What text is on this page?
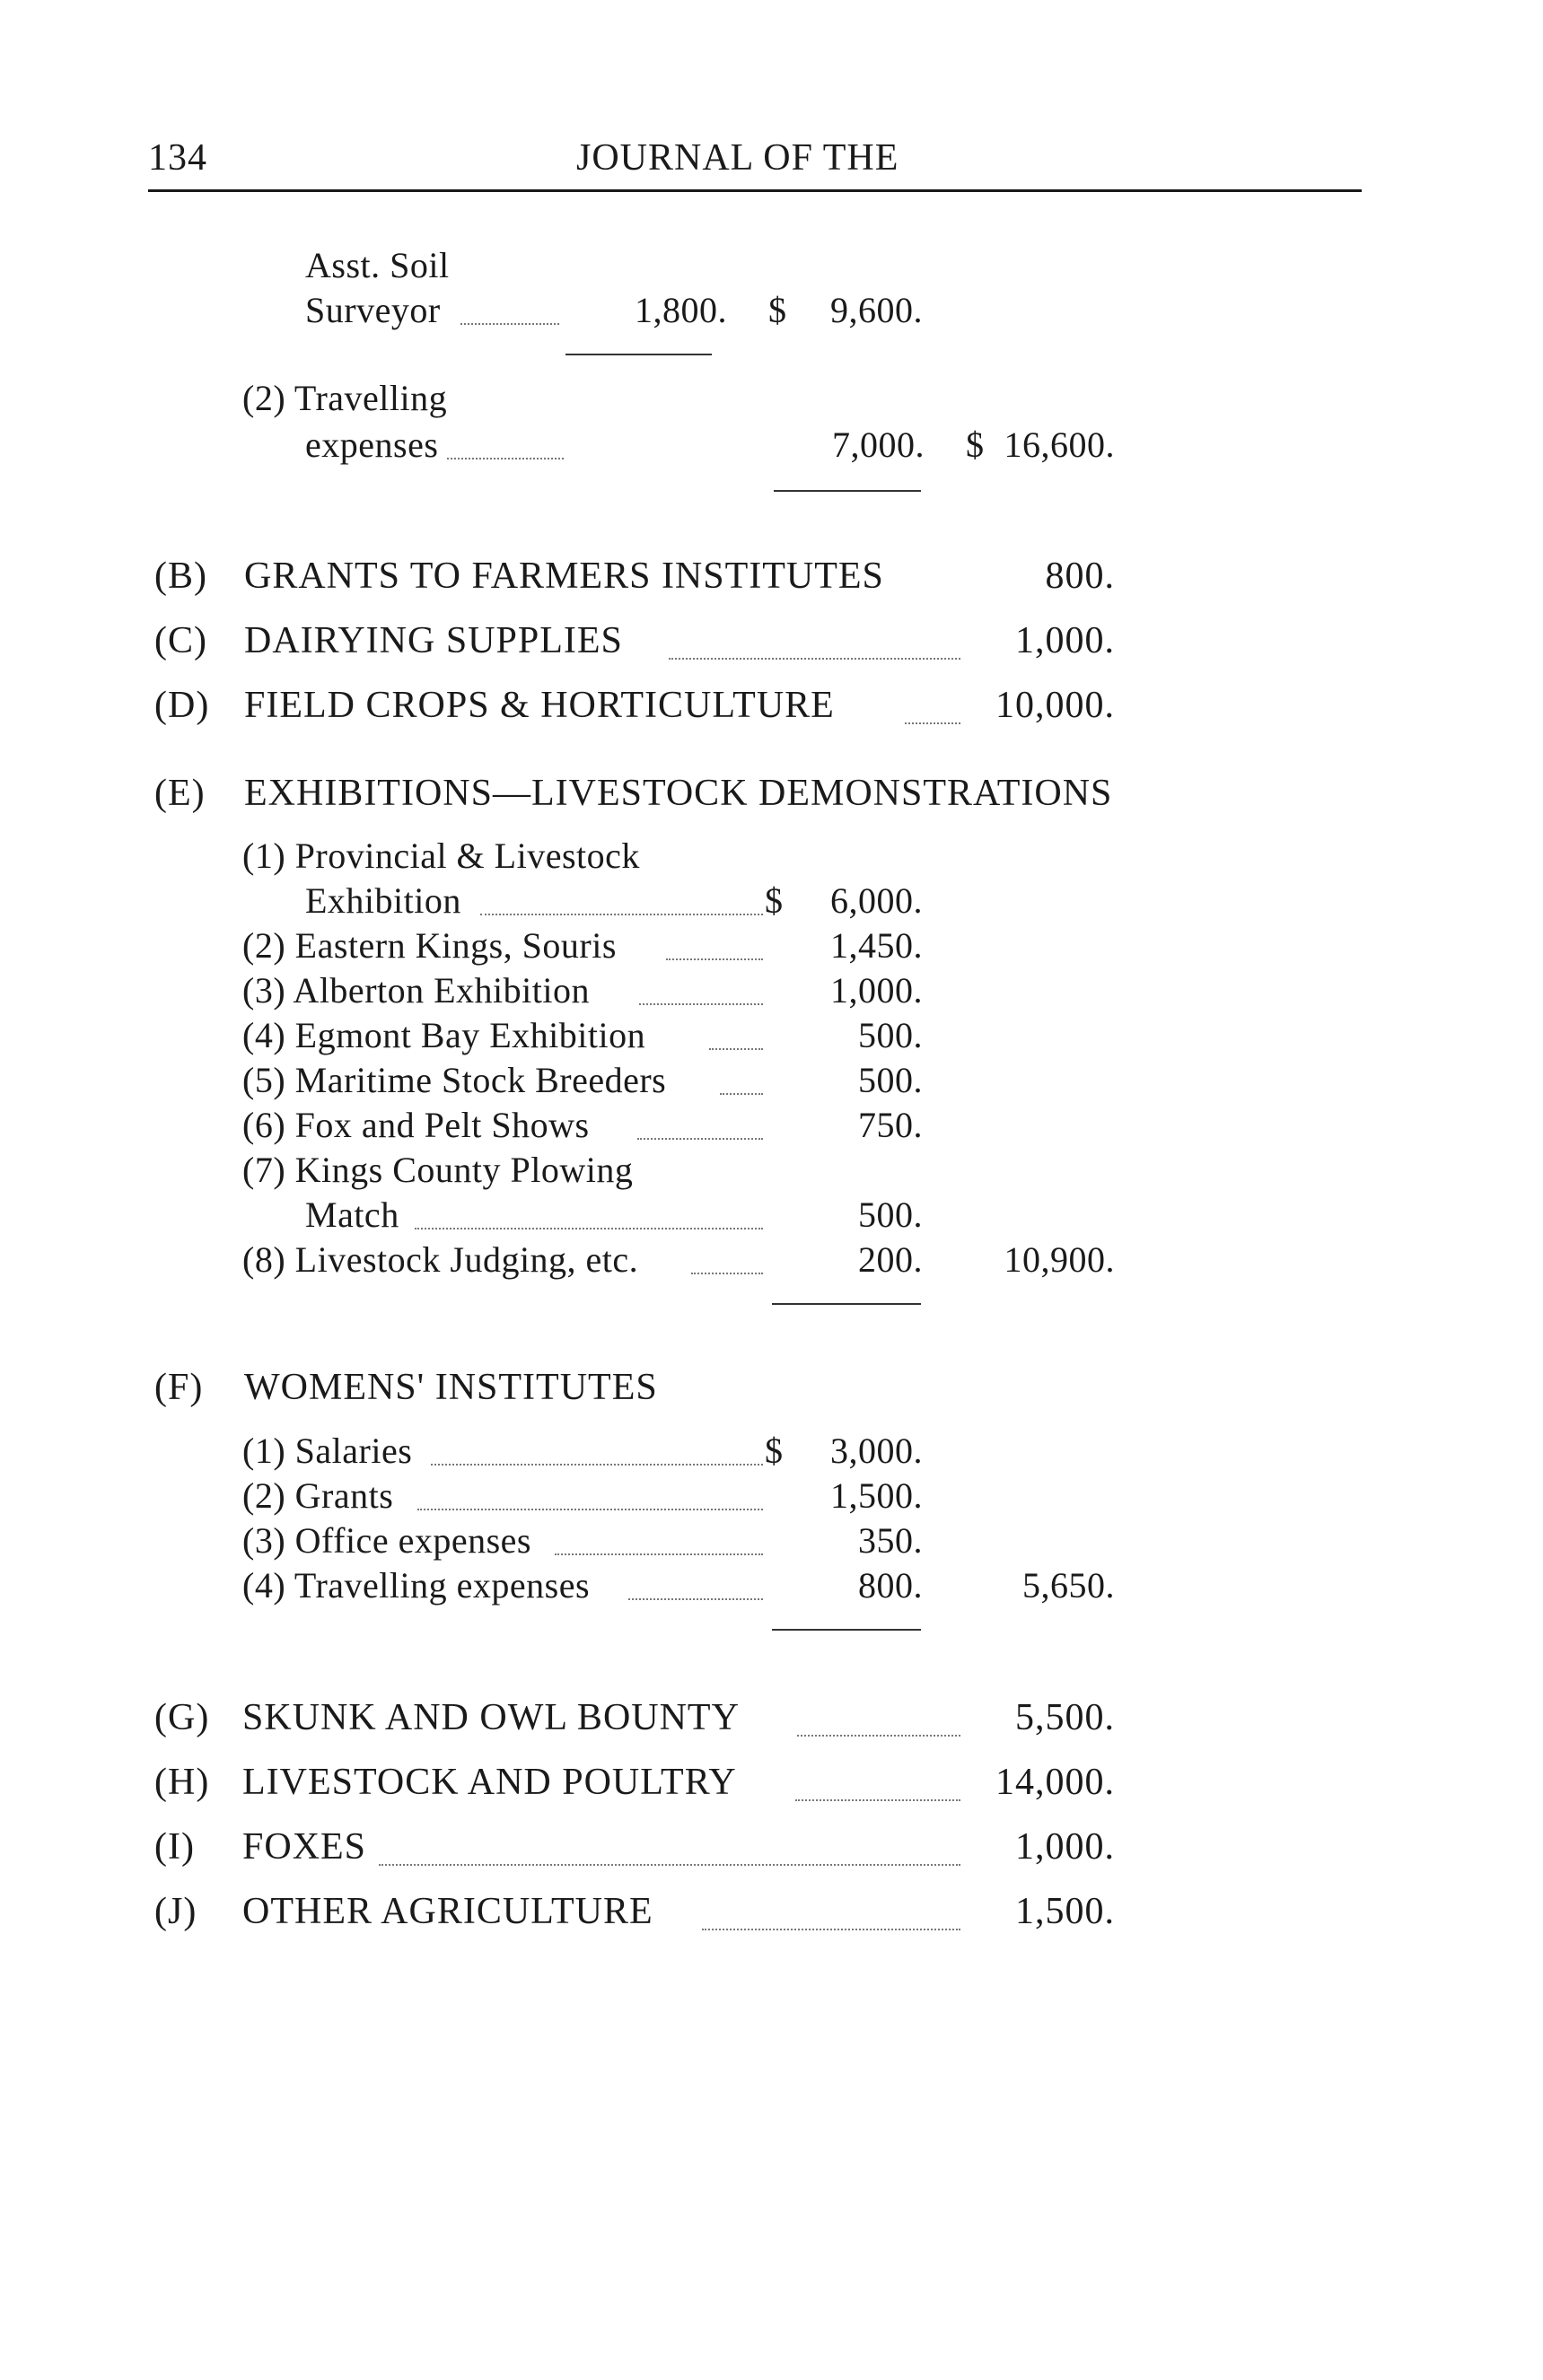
134	JOURNAL OF THE
Asst. Soil
Surveyor	1,800. $	9,600.
(2) Travelling
expenses	7,000. $ 16,600.
(B) GRANTS TO FARMERS INSTITUTES	800.
(C) DAIRYING SUPPLIES	1,000.
(D) FIELD CROPS & HORTICULTURE	10,000.
(E) EXHIBITIONS—LIVESTOCK DEMONSTRATIONS
(1) Provincial & Livestock
Exhibition	$	6,000.
(2) Eastern Kings, Souris	1,450.
(3) Alberton Exhibition	1,000.
(4) Egmont Bay Exhibition	500.
(5) Maritime Stock Breeders	500.
(6) Fox and Pelt Shows	750.
(7) Kings County Plowing
Match	500.
(8) Livestock Judging, etc.	200.	10,900.
(F) WOMENS' INSTITUTES
(1) Salaries	$	3,000.
(2) Grants	1,500.
(3) Office expenses	350.
(4) Travelling expenses	800.	5,650.
(G) SKUNK AND OWL BOUNTY	5,500.
(H) LIVESTOCK AND POULTRY	14,000.
(I) FOXES	1,000.
(J) OTHER AGRICULTURE	1,500.
